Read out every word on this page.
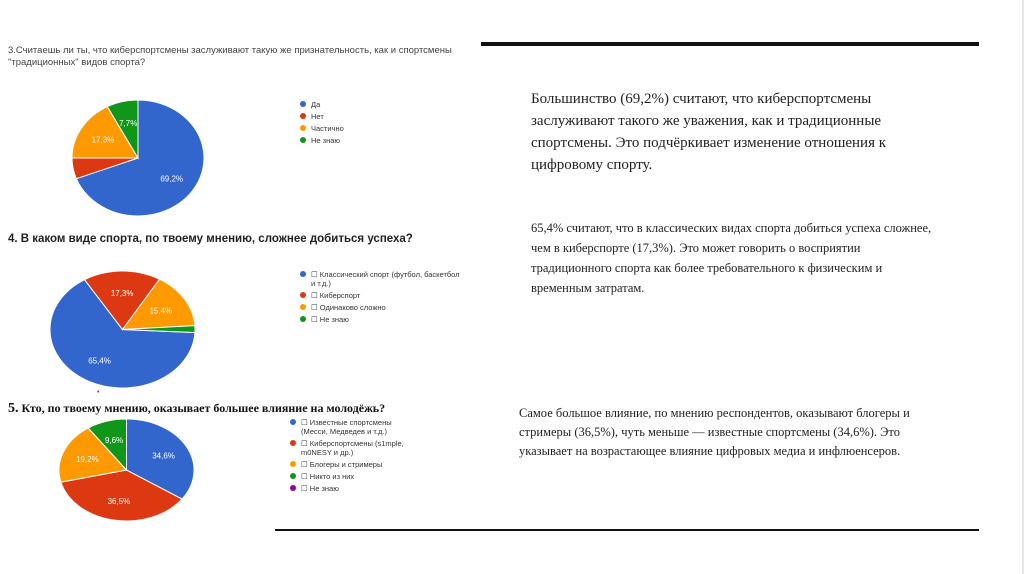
3.Считаешь ли ты, что киберспортсмены заслуживают такую же признательность, как и спортсмены "традиционных" видов спорта?
4. В каком виде спорта, по твоему мнению, сложнее добиться успеха?
5. Кто, по твоему мнению, оказывает большее влияние на молодёжь?
69,2%
17,3%
7,7%
Да
Нет
Частично
Не знаю
65,4%
17,3%
15,4%
☐ Классический спорт (футбол, баскетбол и т.д.)
☐ Киберспорт
☐ Одинаково сложно
☐ Не знаю
•
34,6%
36,5%
19,2%
9,6%
☐ Известные спортсмены (Месси, Медведев и т.д.)
☐ Киберспортсмены (s1mple, m0NESY и др.)
☐ Блогеры и стримеры
☐ Никто из них
☐ Не знаю
Большинство (69,2%) считают, что киберспортсмены заслуживают такого же уважения, как и традиционные спортсмены. Это подчёркивает изменение отношения к цифровому спорту.
65,4% считают, что в классических видах спорта добиться успеха сложнее, чем в киберспорте (17,3%). Это может говорить о восприятии традиционного спорта как более требовательного к физическим и временным затратам.
Самое большое влияние, по мнению респондентов, оказывают блогеры и стримеры (36,5%), чуть меньше — известные спортсмены (34,6%). Это указывает на возрастающее влияние цифровых медиа и инфлюенсеров.
